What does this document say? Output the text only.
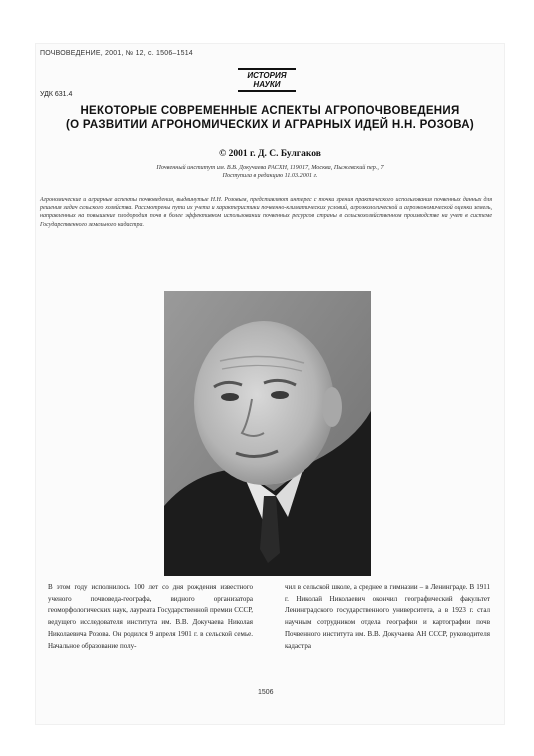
ПОЧВОВЕДЕНИЕ, 2001, № 12, с. 1506–1514
ИСТОРИЯ
НАУКИ
УДК 631.4
НЕКОТОРЫЕ СОВРЕМЕННЫЕ АСПЕКТЫ АГРОПОЧВОВЕДЕНИЯ
(О РАЗВИТИИ АГРОНОМИЧЕСКИХ И АГРАРНЫХ ИДЕЙ Н.Н. РОЗОВА)
© 2001 г. Д. С. Булгаков
Почвенный институт им. В.В. Докучаева РАСХН, 119017, Москва, Пыжевский пер., 7
Поступила в редакцию 11.03.2001 г.
Агрономические и аграрные аспекты почвоведения, выдвинутые Н.Н. Розовым, представляют интерес с точки зрения практического использования почвенных данных для решения задач сельского хозяйства. Рассмотрены пути их учета и характеристики почвенно-климатических условий, агроэкологической и агроэкономической оценки земель, направленных на повышение плодородия почв в более эффективном использовании почвенных ресурсов страны в сельскохозяйственном производстве на учет в системе Государственного земельного кадастра.
В этом году исполнилось 100 лет со дня рождения известного ученого почвоведа-географа, видного организатора геоморфологических наук, лауреата Государственной премии СССР, ведущего исследователя института им. В.В. Докучаева Николая Николаевича Розова. Он родился 9 апреля 1901 г. в сельской семье. Начальное образование полу-
чил в сельской школе, а среднее в гимназии – в Ленинграде. В 1911 г. Николай Николаевич окончил географический факультет Ленинградского государственного университета, а в 1923 г. стал научным сотрудником отдела географии и картографии почв Почвенного института им. В.В. Докучаева АН СССР, руководителя кадастра
1506
